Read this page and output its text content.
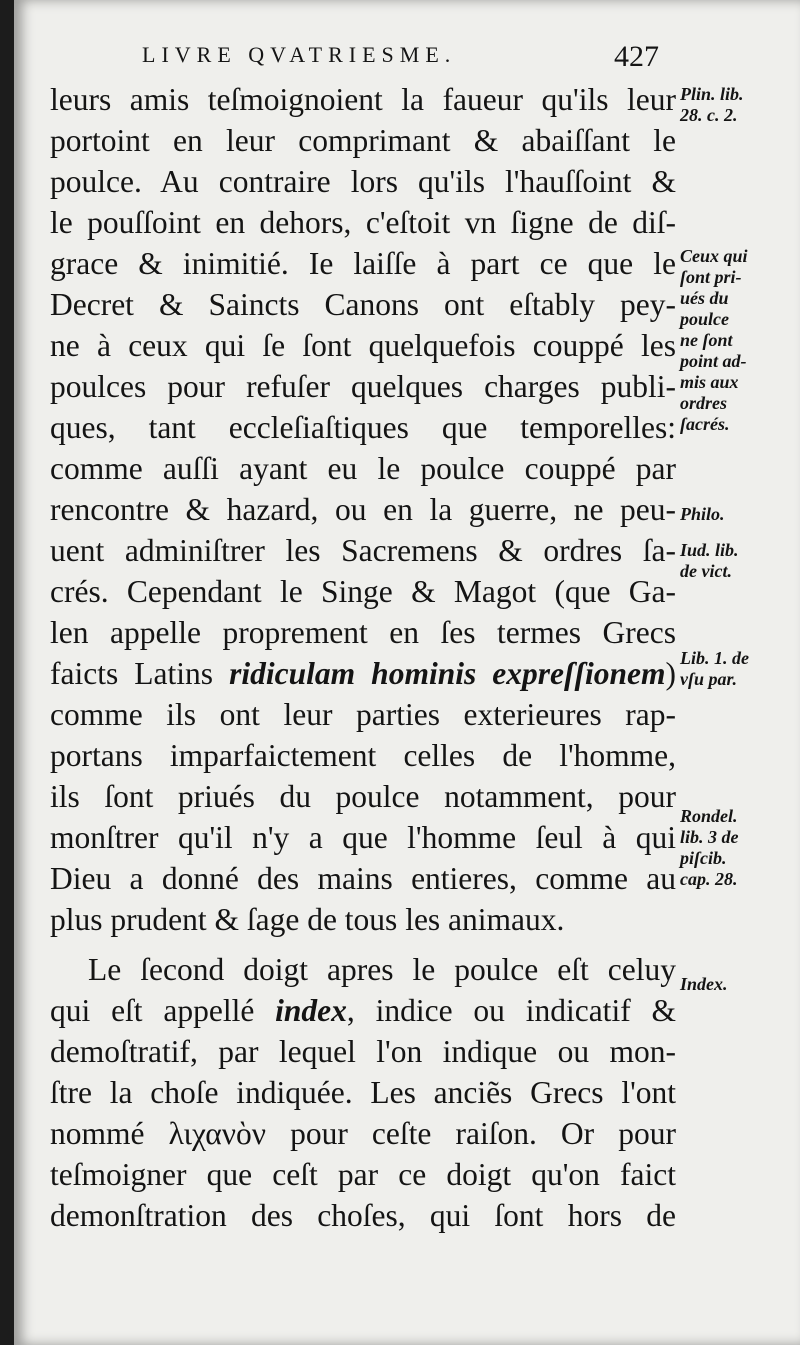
LIVRE QVATRIESME.	427
leurs amis teſmoignoient la faueur qu'ils leur
portoint en leur comprimant & abaiſſant le
poulce. Au contraire lors qu'ils l'hauſſoint &
le pouſſoint en dehors, c'eſtoit vn ſigne de diſ-
grace & inimitié. Ie laiſſe à part ce que le
Decret & Saincts Canons ont eſtably pey-
ne à ceux qui ſe ſont quelquefois couppé les
poulces pour refuſer quelques charges publi-
ques, tant eccleſiaſtiques que temporelles:
comme auſſi ayant eu le poulce couppé par
rencontre & hazard, ou en la guerre, ne peu-
uent adminiſtrer les Sacremens & ordres ſa-
crés. Cependant le Singe & Magot (que Ga-
len appelle proprement en ſes termes Grecs
faicts Latins ridiculam hominis expreſſionem)
comme ils ont leur parties exterieures rap-
portans imparfaictement celles de l'homme,
ils ſont priués du poulce notamment, pour
monſtrer qu'il n'y a que l'homme ſeul à qui
Dieu a donné des mains entieres, comme au
plus prudent & ſage de tous les animaux.
Le ſecond doigt apres le poulce eſt celuy
qui eſt appellé index, indice ou indicatif &
demoſtratif, par lequel l'on indique ou mon-
ſtre la choſe indiquée. Les anciẽs Grecs l'ont
nommé λιχανὸν pour ceſte raiſon. Or pour
teſmoigner que ceſt par ce doigt qu'on faict
demonſtration des choſes, qui ſont hors de
Plin. lib.
28. c. 2.
Ceux qui
ſont pri-
ués du
poulce
ne ſont
point ad-
mis aux
ordres
ſacrés.
Philo.
Iud. lib.
de vict.
Lib. 1. de
vſu par.
Rondel.
lib. 3 de
piſcib.
cap. 28.
Index.
